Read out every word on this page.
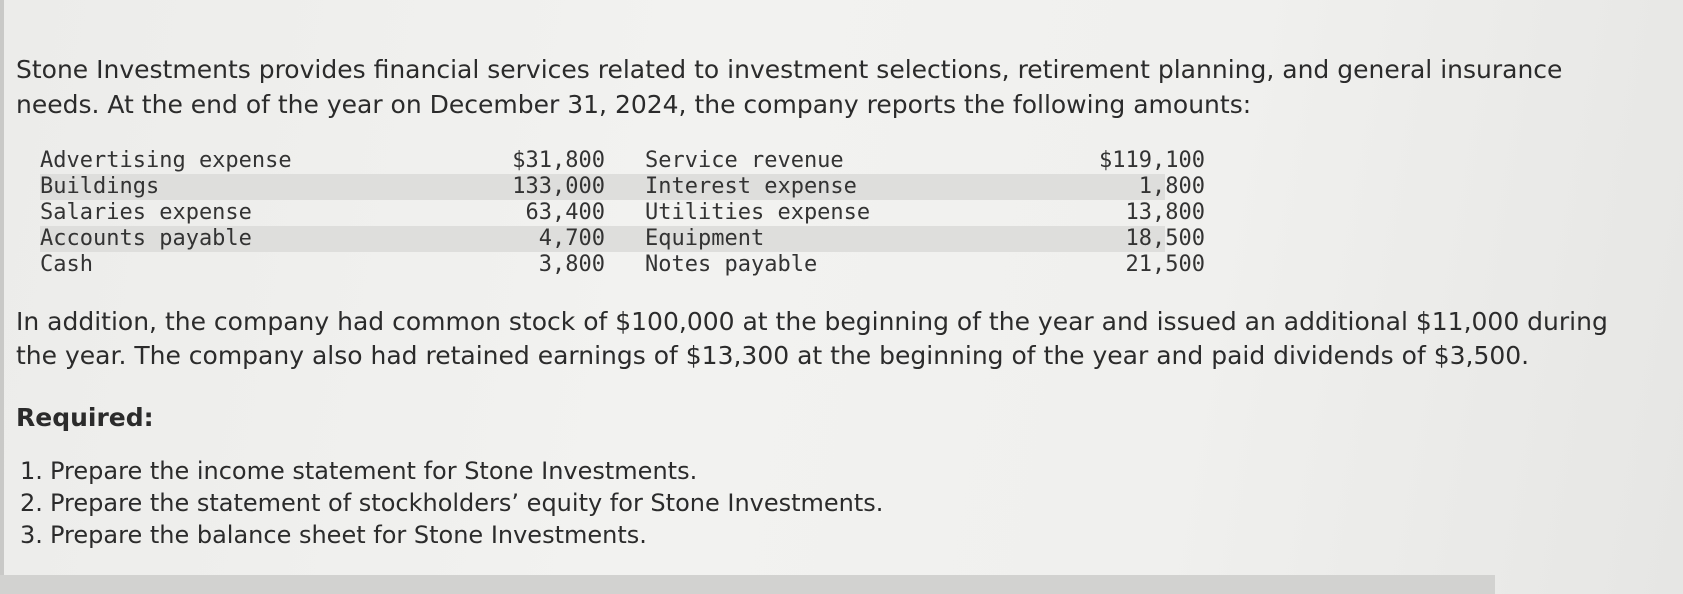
Stone Investments provides financial services related to investment selections, retirement planning, and general insurance needs. At the end of the year on December 31, 2024, the company reports the following amounts:

Advertising expense	$31,800 Service revenue	$119,100
Buildings	133,000 Interest expense	1,800
Salaries expense	63,400 Utilities expense	13,800
Accounts payable	4,700 Equipment	18,500
Cash	3,800 Notes payable	21,500

In addition, the company had common stock of $100,000 at the beginning of the year and issued an additional $11,000 during the year. The company also had retained earnings of $13,300 at the beginning of the year and paid dividends of $3,500.

Required:

1. Prepare the income statement for Stone Investments.
2. Prepare the statement of stockholders’ equity for Stone Investments.
3. Prepare the balance sheet for Stone Investments.
